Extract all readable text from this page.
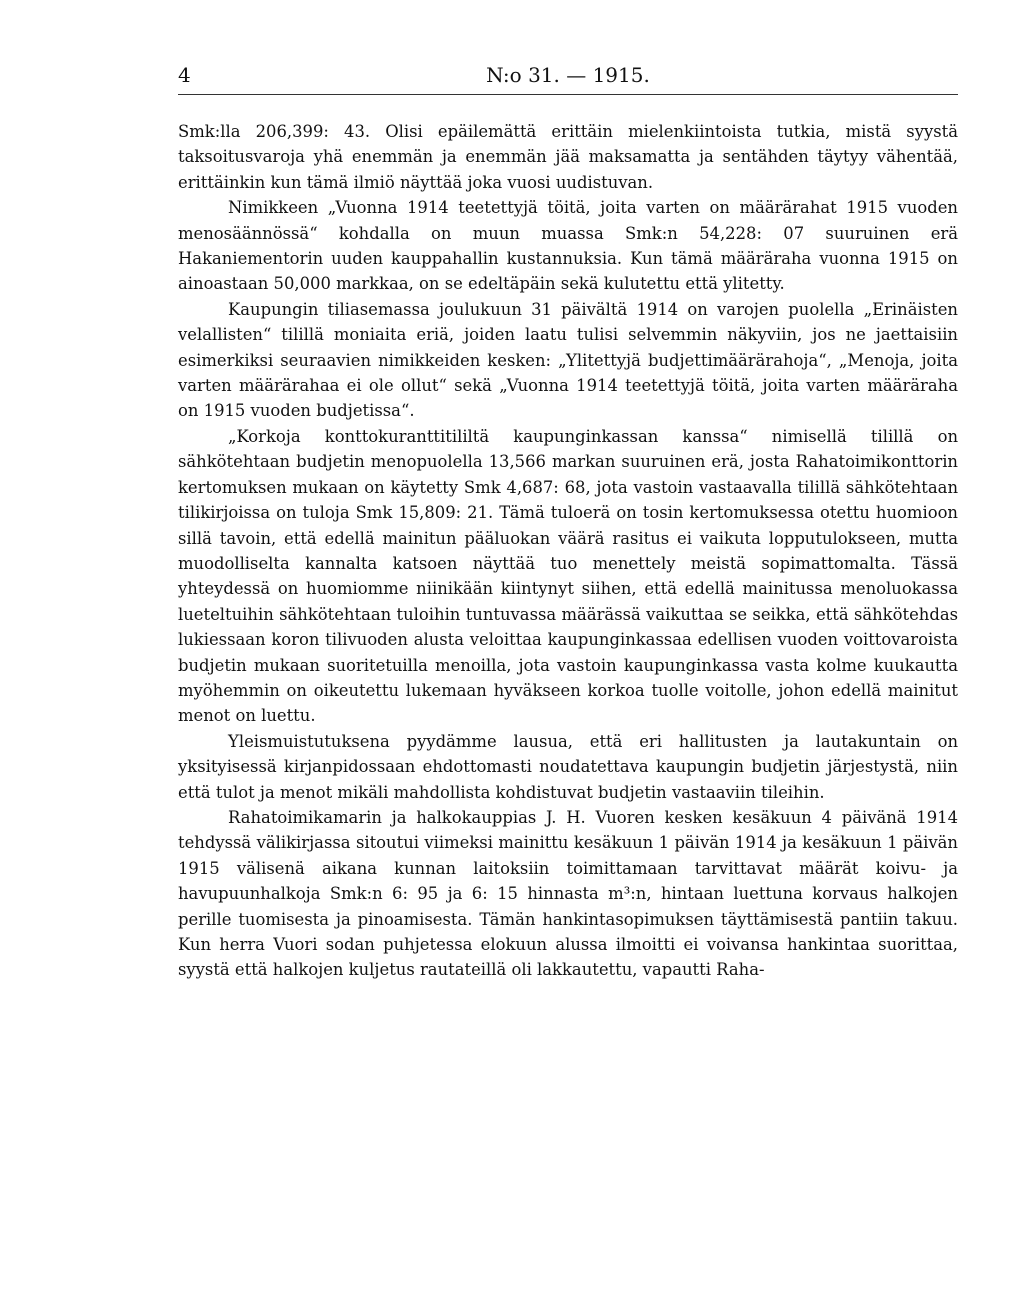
4	N:o 31. — 1915.

Smk:lla 206,399: 43. Olisi epäilemättä erittäin mielenkiintoista tutkia, mistä syystä taksoitusvaroja yhä enemmän ja enemmän jää maksamatta ja sentähden täytyy vähentää, erittäinkin kun tämä ilmiö näyttää joka vuosi uudistuvan.

Nimikkeen „Vuonna 1914 teetettyjä töitä, joita varten on määrärahat 1915 vuoden menosäännössä“ kohdalla on muun muassa Smk:n 54,228: 07 suuruinen erä Hakaniementorin uuden kauppahallin kustannuksia. Kun tämä määräraha vuonna 1915 on ainoastaan 50,000 markkaa, on se edeltäpäin sekä kulutettu että ylitetty.

Kaupungin tiliasemassa joulukuun 31 päivältä 1914 on varojen puolella „Erinäisten velallisten“ tilillä moniaita eriä, joiden laatu tulisi selvemmin näkyviin, jos ne jaettaisiin esimerkiksi seuraavien nimikkeiden kesken: „Ylitettyjä budjettimäärärahoja“, „Menoja, joita varten määrärahaa ei ole ollut“ sekä „Vuonna 1914 teetettyjä töitä, joita varten määräraha on 1915 vuoden budjetissa“.

„Korkoja konttokuranttitililtä kaupunginkassan kanssa“ nimisellä tilillä on sähkötehtaan budjetin menopuolella 13,566 markan suuruinen erä, josta Rahatoimikonttorin kertomuksen mukaan on käytetty Smk 4,687: 68, jota vastoin vastaavalla tilillä sähkötehtaan tilikirjoissa on tuloja Smk 15,809: 21. Tämä tuloerä on tosin kertomuksessa otettu huomioon sillä tavoin, että edellä mainitun pääluokan väärä rasitus ei vaikuta lopputulokseen, mutta muodolliselta kannalta katsoen näyttää tuo menettely meistä sopimattomalta. Tässä yhteydessä on huomiomme niinikään kiintynyt siihen, että edellä mainitussa menoluokassa lueteltuihin sähkötehtaan tuloihin tuntuvassa määrässä vaikuttaa se seikka, että sähkötehdas lukiessaan koron tilivuoden alusta veloittaa kaupunginkassaa edellisen vuoden voittovaroista budjetin mukaan suoritetuilla menoilla, jota vastoin kaupunginkassa vasta kolme kuukautta myöhemmin on oikeutettu lukemaan hyväkseen korkoa tuolle voitolle, johon edellä mainitut menot on luettu.

Yleismuistutuksena pyydämme lausua, että eri hallitusten ja lautakuntain on yksityisessä kirjanpidossaan ehdottomasti noudatettava kaupungin budjetin järjestystä, niin että tulot ja menot mikäli mahdollista kohdistuvat budjetin vastaaviin tileihin.

Rahatoimikamarin ja halkokauppias J. H. Vuoren kesken kesäkuun 4 päivänä 1914 tehdyssä välikirjassa sitoutui viimeksi mainittu kesäkuun 1 päivän 1914 ja kesäkuun 1 päivän 1915 välisenä aikana kunnan laitoksiin toimittamaan tarvittavat määrät koivu- ja havupuunhalkoja Smk:n 6: 95 ja 6: 15 hinnasta m³:n, hintaan luettuna korvaus halkojen perille tuomisesta ja pinoamisesta. Tämän hankintasopimuksen täyttämisestä pantiin takuu. Kun herra Vuori sodan puhjetessa elokuun alussa ilmoitti ei voivansa hankintaa suorittaa, syystä että halkojen kuljetus rautateillä oli lakkautettu, vapautti Raha-
